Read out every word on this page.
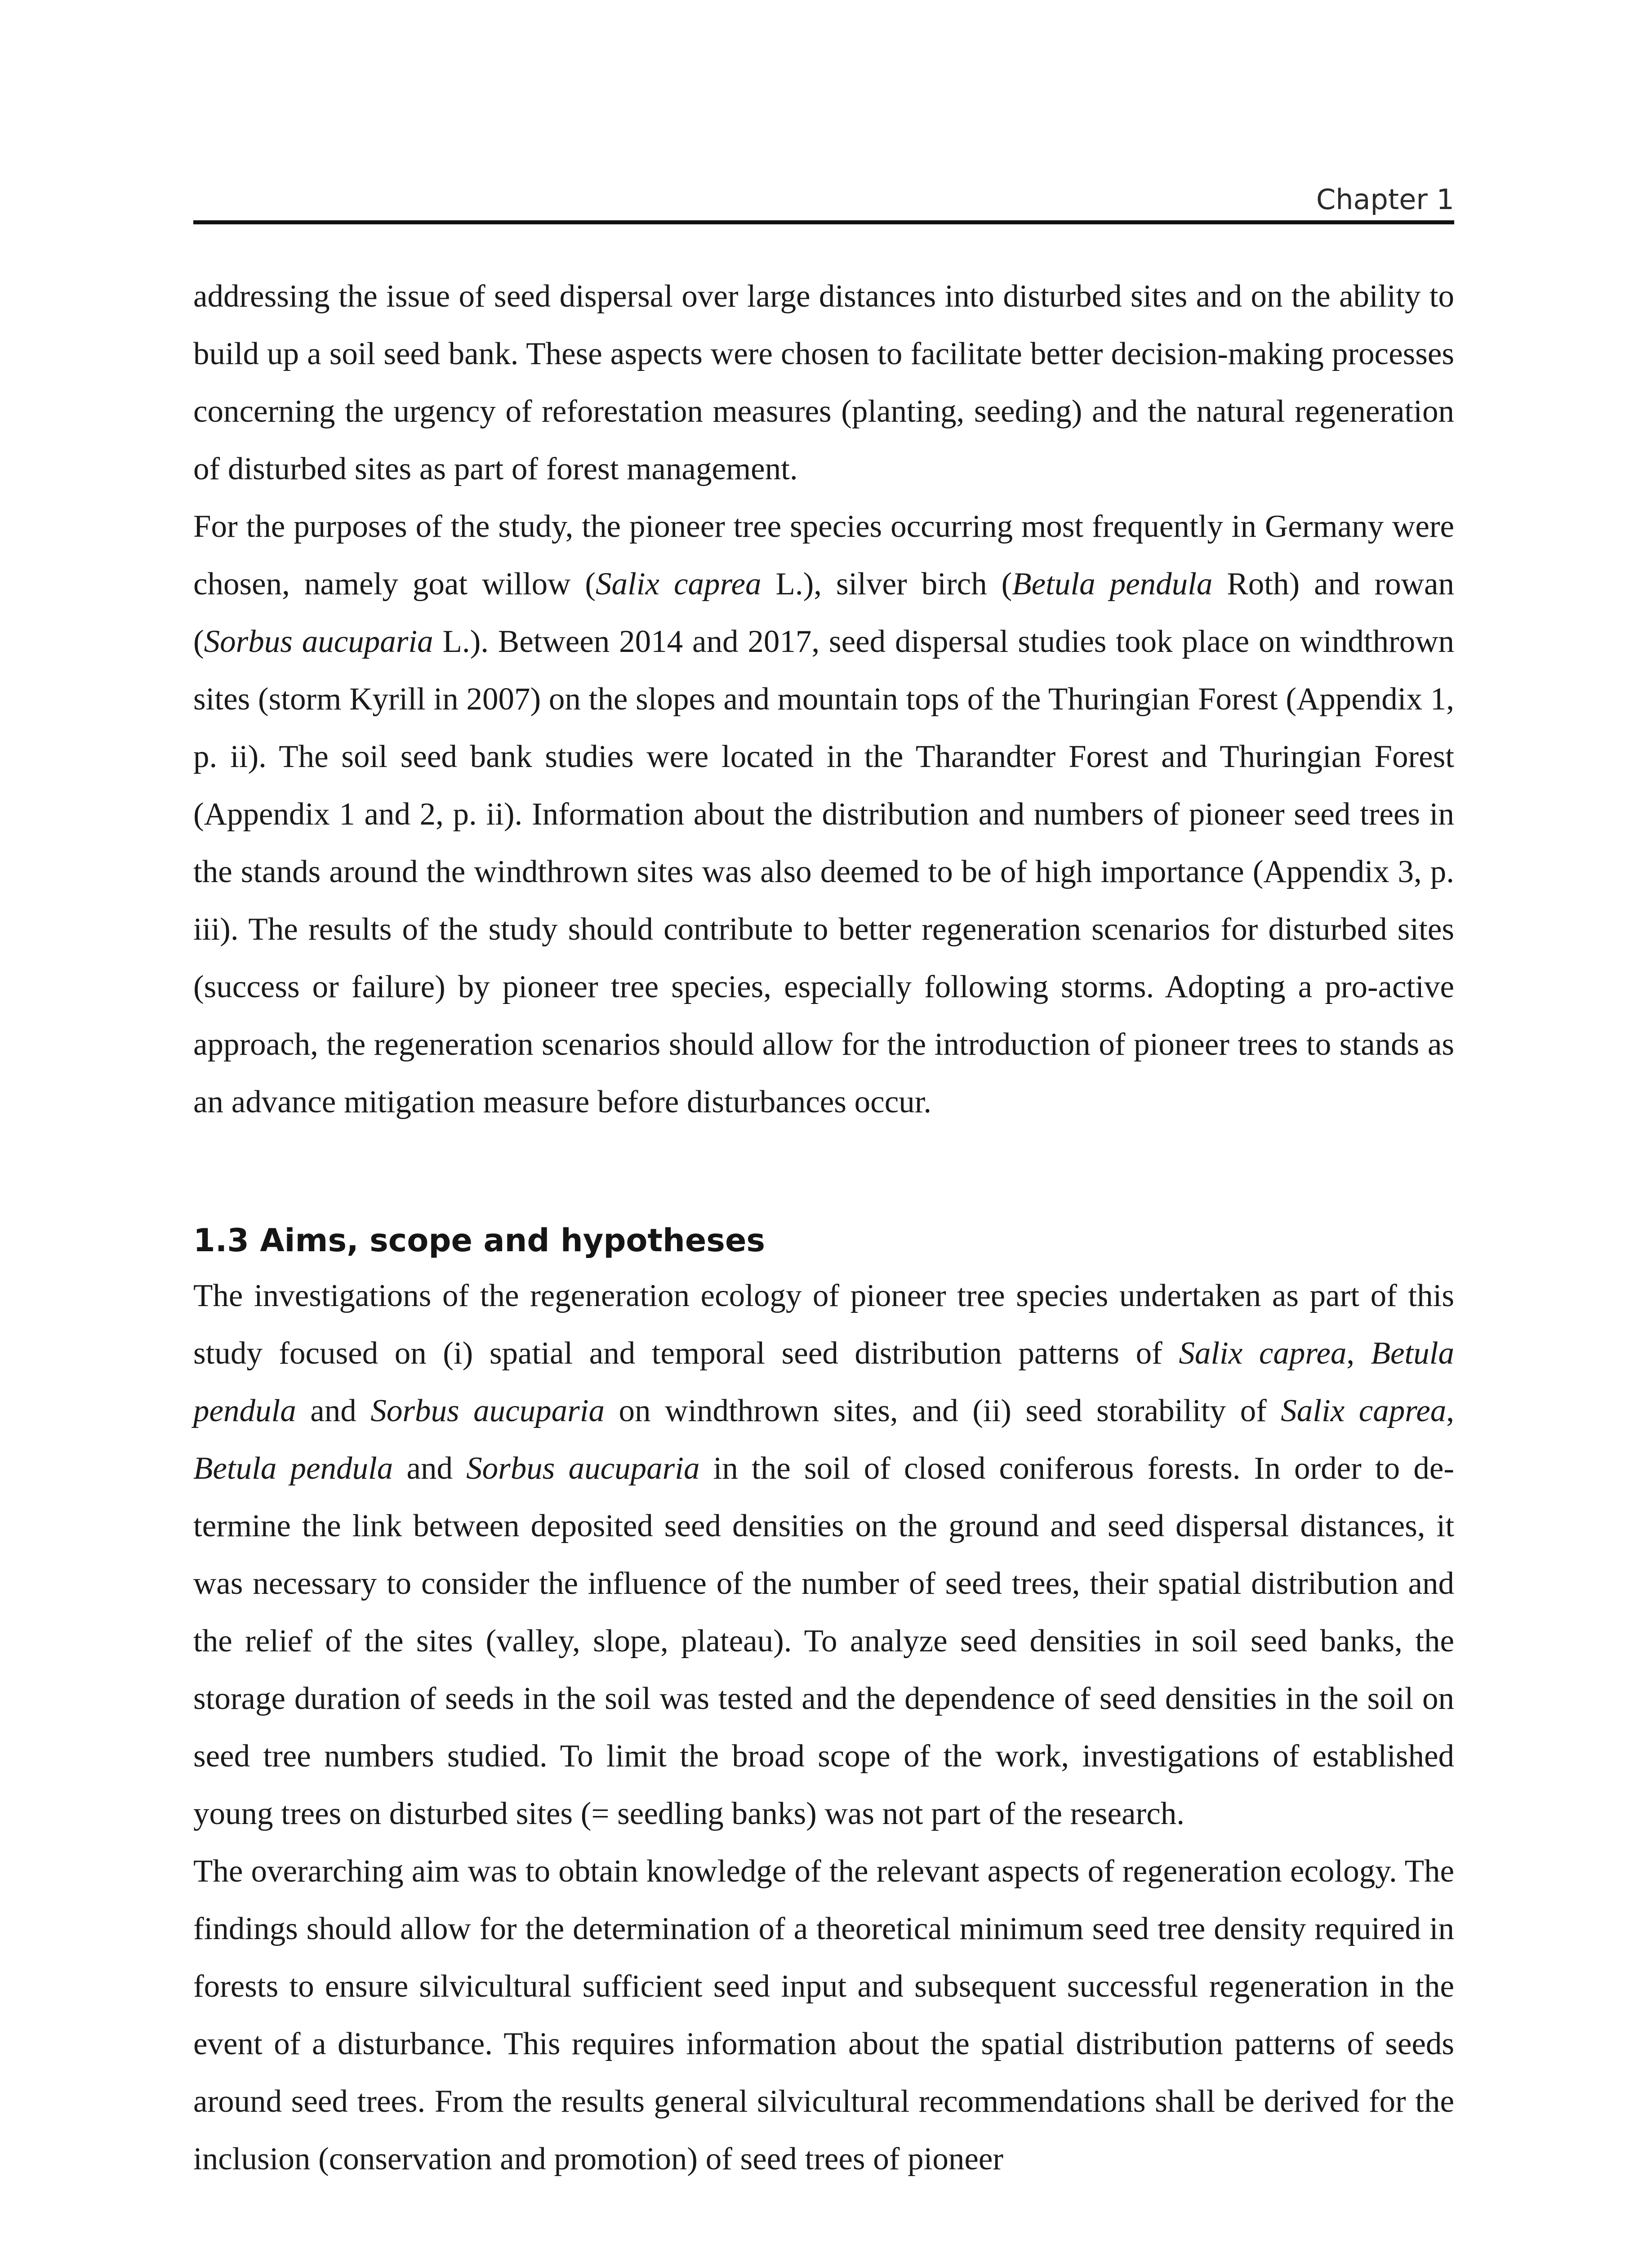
Chapter 1

addressing the issue of seed dispersal over large distances into disturbed sites and on the ability to build up a soil seed bank. These aspects were chosen to facilitate better decision-making processes concerning the urgency of reforestation measures (planting, seeding) and the natural regeneration of disturbed sites as part of forest management.

For the purposes of the study, the pioneer tree species occurring most frequently in Germany were chosen, namely goat willow (Salix caprea L.), silver birch (Betula pendula Roth) and rowan (Sorbus aucuparia L.). Between 2014 and 2017, seed dispersal studies took place on windthrown sites (storm Kyrill in 2007) on the slopes and mountain tops of the Thuringian Forest (Appendix 1, p. ii). The soil seed bank studies were located in the Tharandter Forest and Thuringian Forest (Appendix 1 and 2, p. ii). Information about the distribution and numbers of pioneer seed trees in the stands around the windthrown sites was also deemed to be of high importance (Appendix 3, p. iii). The results of the study should contribute to better regeneration scenarios for disturbed sites (success or failure) by pioneer tree species, especially following storms. Adopting a pro-active approach, the regeneration scenarios should allow for the introduction of pioneer trees to stands as an advance mitigation measure before disturbances occur.

1.3 Aims, scope and hypotheses

The investigations of the regeneration ecology of pioneer tree species undertaken as part of this study focused on (i) spatial and temporal seed distribution patterns of Salix caprea, Betula pendula and Sorbus aucuparia on windthrown sites, and (ii) seed storability of Salix caprea, Betula pendula and Sorbus aucuparia in the soil of closed coniferous forests. In order to determine the link between deposited seed densities on the ground and seed dispersal distances, it was necessary to consider the influence of the number of seed trees, their spatial distribution and the relief of the sites (valley, slope, plateau). To analyze seed densities in soil seed banks, the storage duration of seeds in the soil was tested and the dependence of seed densities in the soil on seed tree numbers studied. To limit the broad scope of the work, investigations of established young trees on disturbed sites (= seedling banks) was not part of the research.

The overarching aim was to obtain knowledge of the relevant aspects of regeneration ecology. The findings should allow for the determination of a theoretical minimum seed tree density required in forests to ensure silvicultural sufficient seed input and subsequent successful regeneration in the event of a disturbance. This requires information about the spatial distribution patterns of seeds around seed trees. From the results general silvicultural recommendations shall be derived for the inclusion (conservation and promotion) of seed trees of pioneer
